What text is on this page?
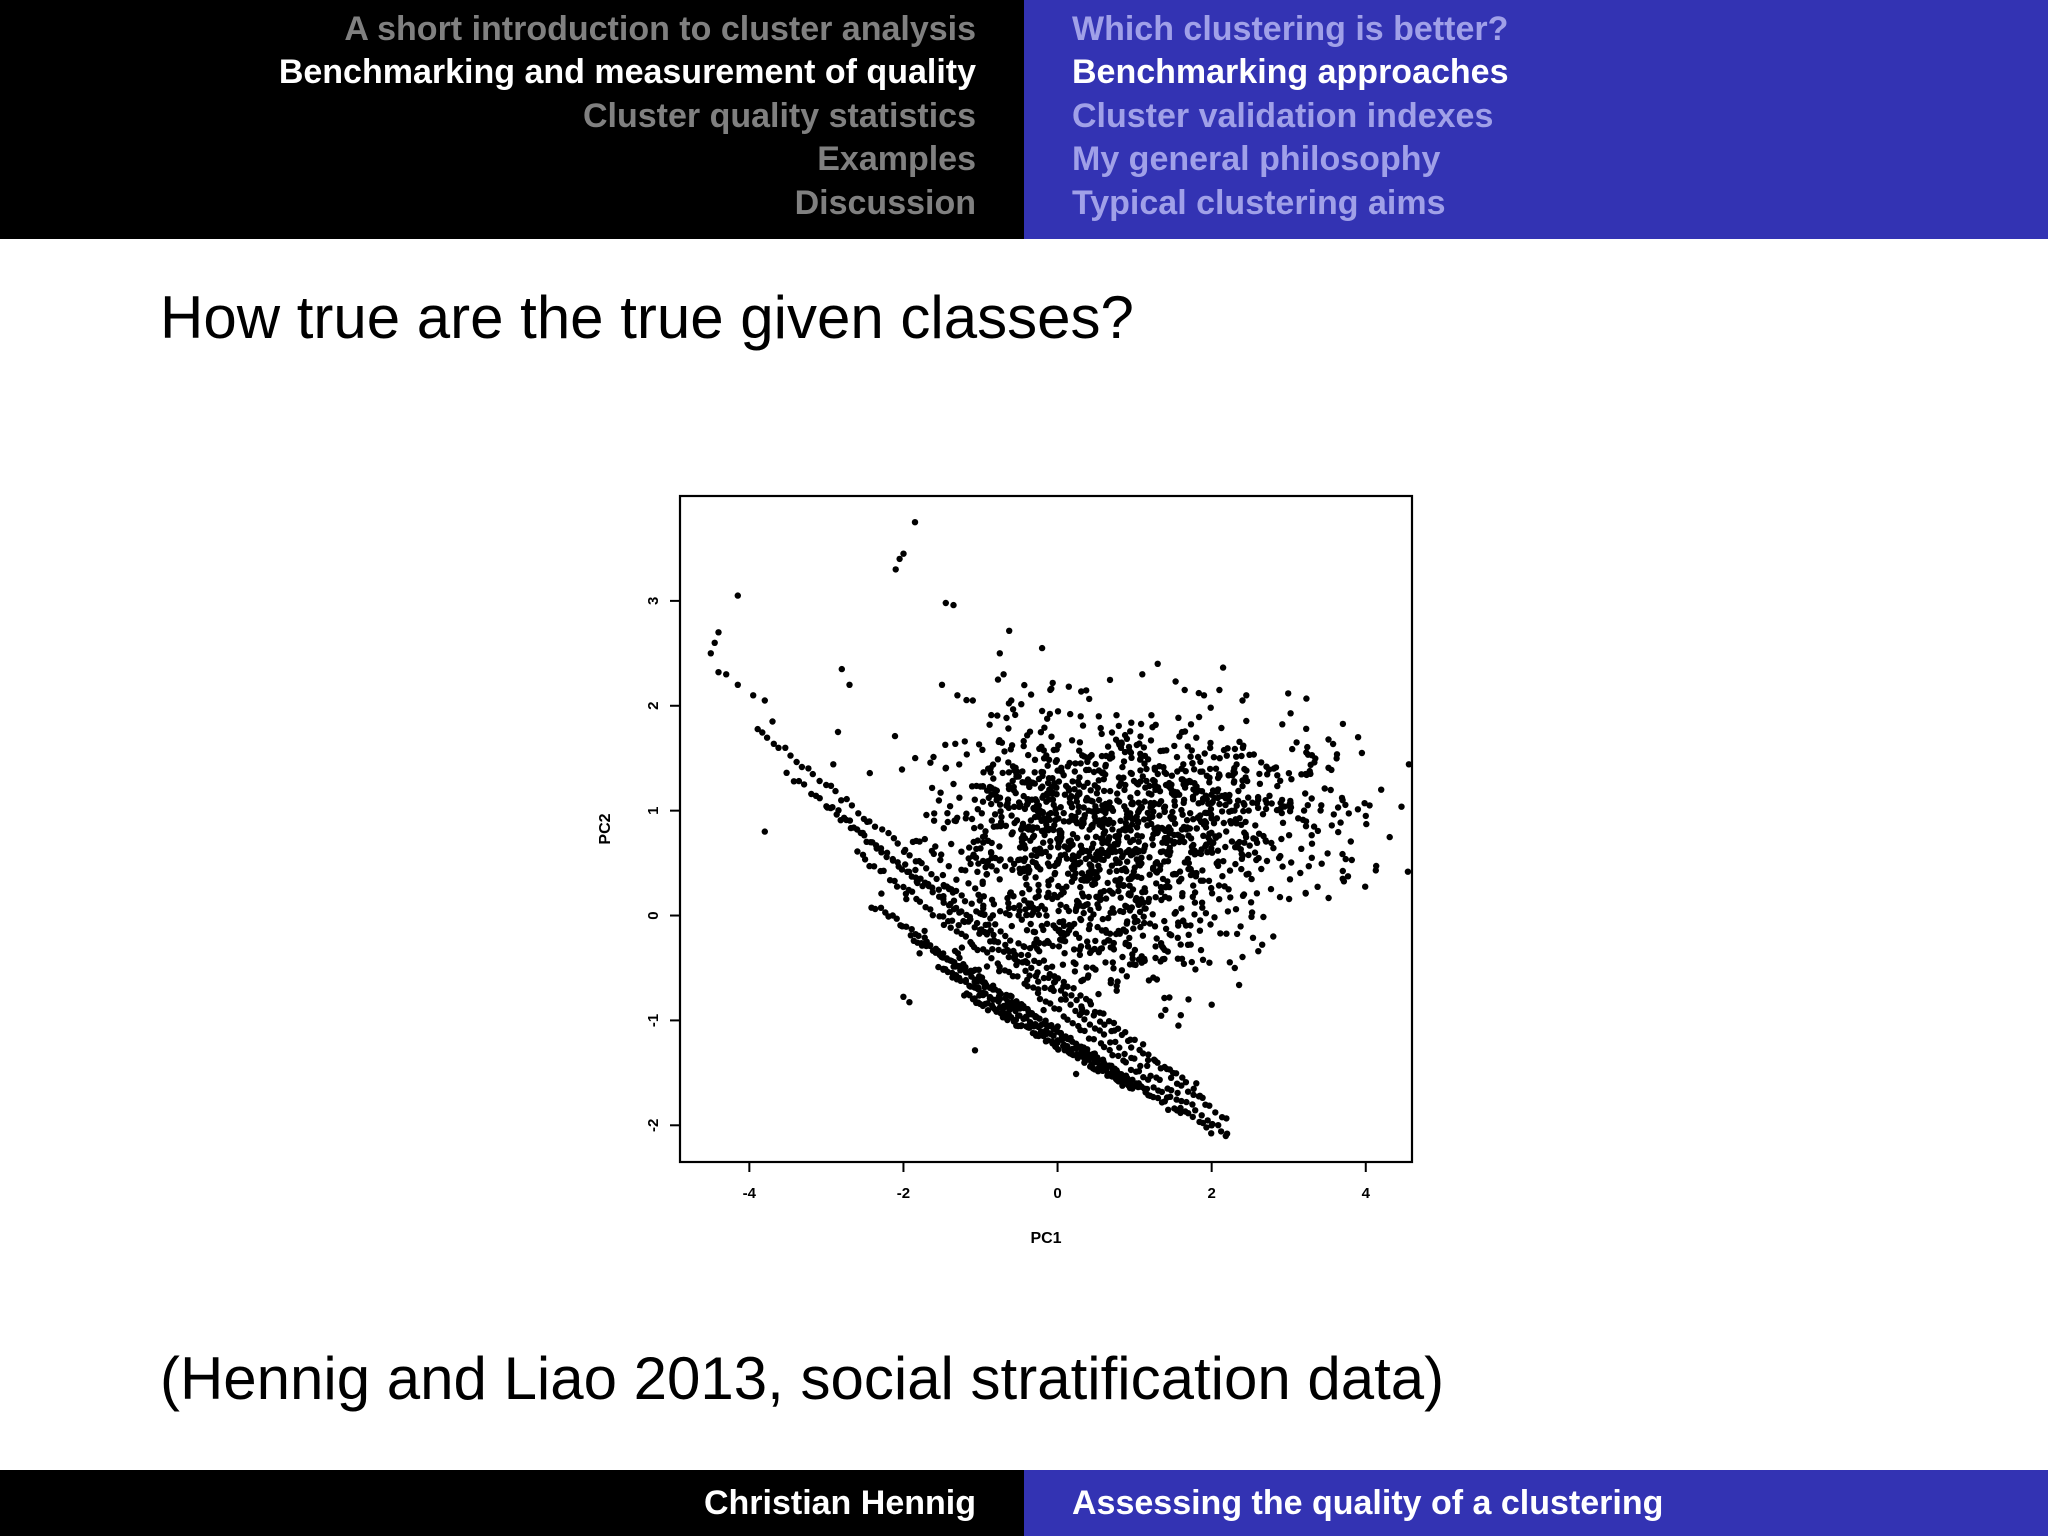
A short introduction to cluster analysis
Benchmarking and measurement of quality
Cluster quality statistics
Examples
Discussion
Which clustering is better?
Benchmarking approaches
Cluster validation indexes
My general philosophy
Typical clustering aims
How true are the true given classes?
-4	-2	0	2	4
-2
-1
0
1
2
3
PC1
PC2
(Hennig and Liao 2013, social stratification data)
Christian Hennig	Assessing the quality of a clustering
